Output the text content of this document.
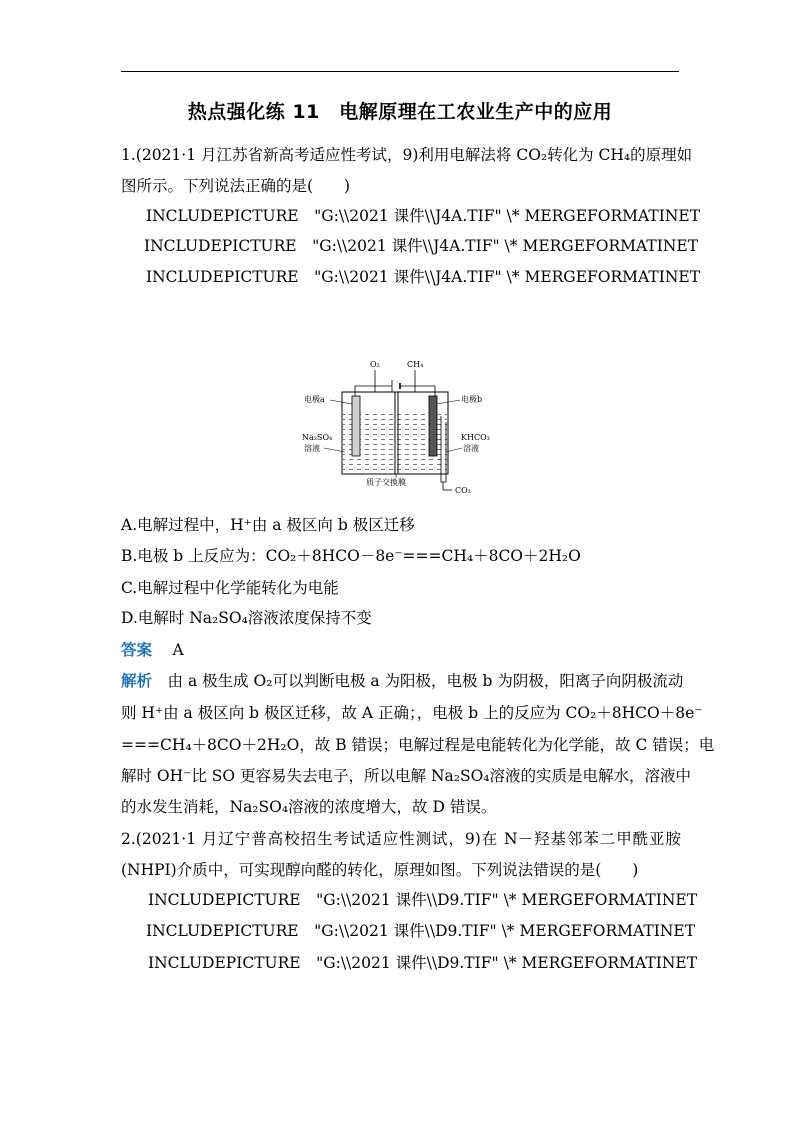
热点强化练 11　电解原理在工农业生产中的应用
1.(2021·1 月江苏省新高考适应性考试，9)利用电解法将 CO₂转化为 CH₄的原理如
图所示。下列说法正确的是(　　)
INCLUDEPICTURE　"G:\\2021 课件\\J4A.TIF" \* MERGEFORMATINET
INCLUDEPICTURE　"G:\\2021 课件\\J4A.TIF" \* MERGEFORMATINET
INCLUDEPICTURE　"G:\\2021 课件\\J4A.TIF" \* MERGEFORMATINET
O₂	CH₄
CO₂
电极a	电极b
Na₂SO₄
溶液
KHCO₃
溶液
质子交换膜
A.电解过程中，H⁺由 a 极区向 b 极区迁移
B.电极 b 上反应为：CO₂＋8HCO－8e⁻===CH₄＋8CO＋2H₂O
C.电解过程中化学能转化为电能
D.电解时 Na₂SO₄溶液浓度保持不变
答案　 A
解析　由 a 极生成 O₂可以判断电极 a 为阳极，电极 b 为阴极，阳离子向阴极流动
则 H⁺由 a 极区向 b 极区迁移，故 A 正确；，电极 b 上的反应为 CO₂＋8HCO＋8e⁻
===CH₄＋8CO＋2H₂O，故 B 错误；电解过程是电能转化为化学能，故 C 错误；电
解时 OH⁻比 SO 更容易失去电子，所以电解 Na₂SO₄溶液的实质是电解水，溶液中
的水发生消耗，Na₂SO₄溶液的浓度增大，故 D 错误。
2.(2021·1 月辽宁普高校招生考试适应性测试，9)在 N－羟基邻苯二甲酰亚胺
(NHPI)介质中，可实现醇向醛的转化，原理如图。下列说法错误的是(　　)
INCLUDEPICTURE　"G:\\2021 课件\\D9.TIF" \* MERGEFORMATINET
INCLUDEPICTURE　"G:\\2021 课件\\D9.TIF" \* MERGEFORMATINET
INCLUDEPICTURE　"G:\\2021 课件\\D9.TIF" \* MERGEFORMATINET
